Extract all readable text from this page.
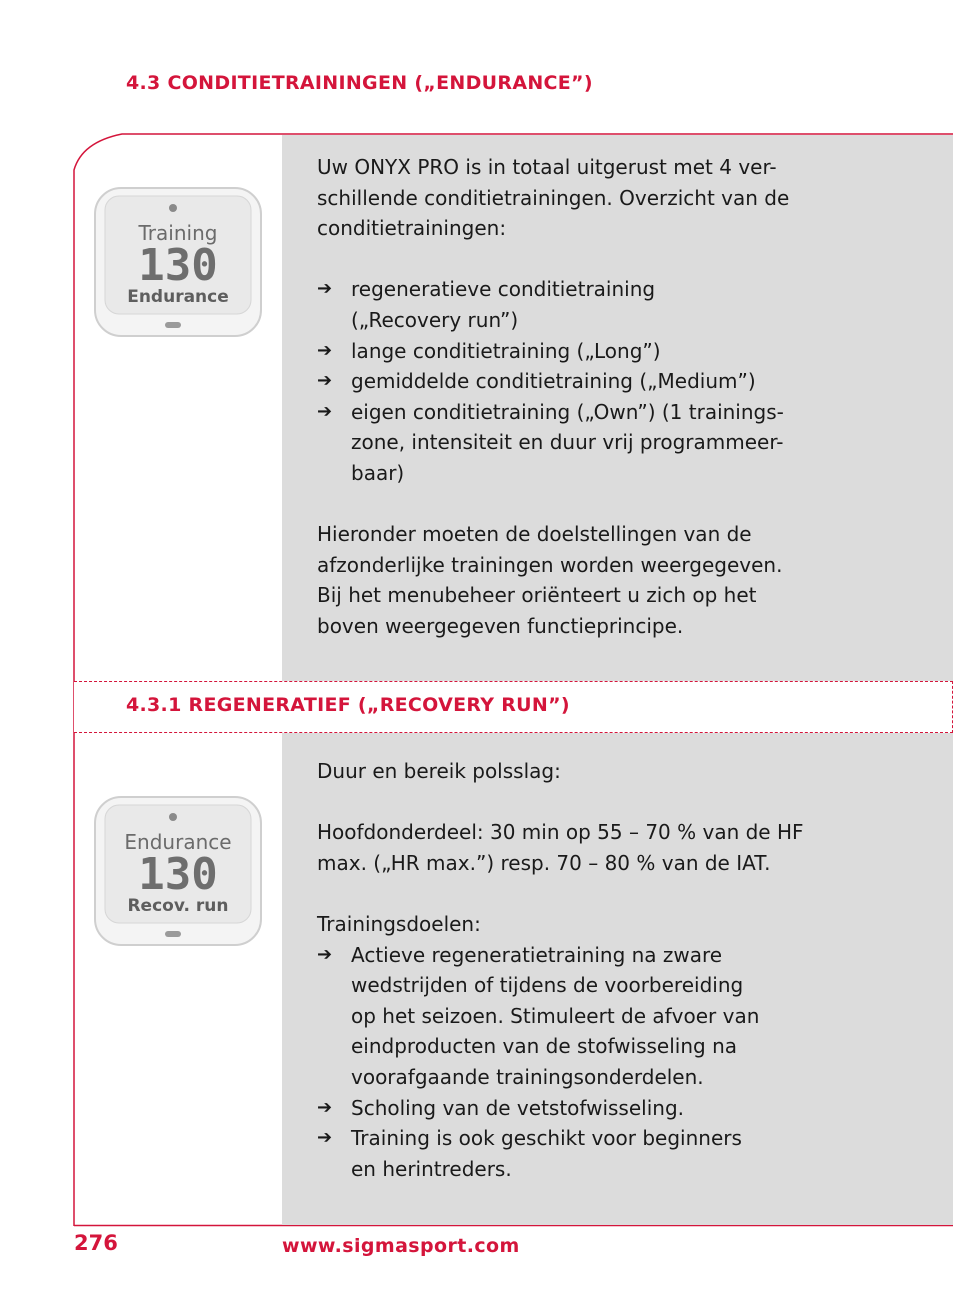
4.3 CONDITIETRAININGEN („ENDURANCE”)
4.3.1 REGENERATIEF („RECOVERY RUN”)
Training
130
Endurance
Endurance
130
Recov. run

Uw ONYX PRO is in totaal uitgerust met 4 ver-
schillende conditietrainingen. Overzicht van de
conditietrainingen:

➔ regeneratieve conditietraining
(„Recovery run”)
➔ lange conditietraining („Long”)
➔ gemiddelde conditietraining („Medium”)
➔ eigen conditietraining („Own”) (1 trainings-
zone, intensiteit en duur vrij programmeer-
baar)

Hieronder moeten de doelstellingen van de
afzonderlijke trainingen worden weergegeven.
Bij het menubeheer oriënteert u zich op het
boven weergegeven functieprincipe.

Duur en bereik polsslag:

Hoofdonderdeel: 30 min op 55 – 70 % van de HF
max. („HR max.”) resp. 70 – 80 % van de IAT.

Trainingsdoelen:

➔ Actieve regeneratietraining na zware
wedstrijden of tijdens de voorbereiding
op het seizoen. Stimuleert de afvoer van
eindproducten van de stofwisseling na
voorafgaande trainingsonderdelen.
➔ Scholing van de vetstofwisseling.
➔ Training is ook geschikt voor beginners
en herintreders.
276	www.sigmasport.com
